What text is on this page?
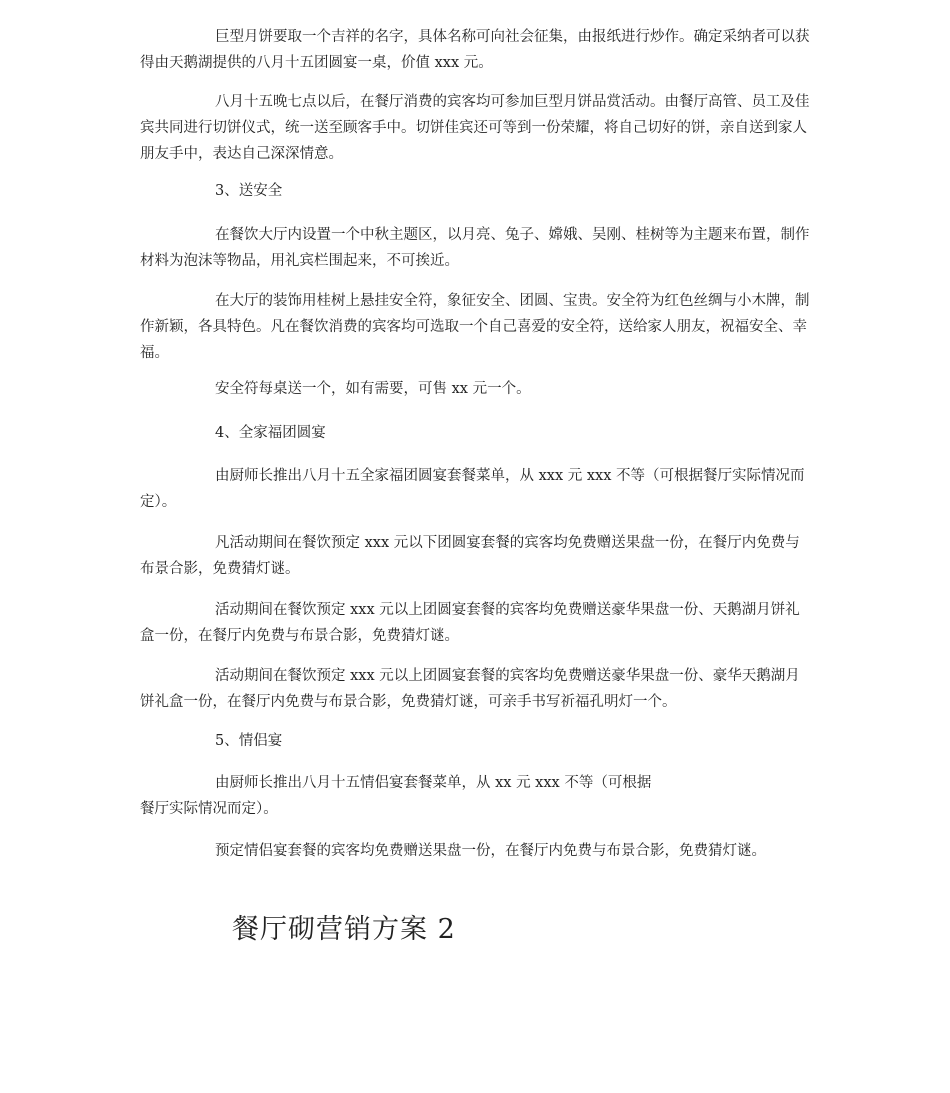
巨型月饼要取一个吉祥的名字，具体名称可向社会征集，由报纸进行炒作。确定采纳者可以获得由天鹅湖提供的八月十五团圆宴一桌，价值 xxx 元。

八月十五晚七点以后，在餐厅消费的宾客均可参加巨型月饼品赏活动。由餐厅高管、员工及佳宾共同进行切饼仪式，统一送至顾客手中。切饼佳宾还可等到一份荣耀，将自己切好的饼，亲自送到家人朋友手中，表达自己深深情意。

3、送安全

在餐饮大厅内设置一个中秋主题区，以月亮、兔子、嫦娥、吴刚、桂树等为主题来布置，制作材料为泡沫等物品，用礼宾栏围起来，不可挨近。

在大厅的装饰用桂树上悬挂安全符，象征安全、团圆、宝贵。安全符为红色丝绸与小木牌，制作新颖，各具特色。凡在餐饮消费的宾客均可选取一个自己喜爱的安全符，送给家人朋友，祝福安全、幸福。

安全符每桌送一个，如有需要，可售 xx 元一个。

4、全家福团圆宴

由厨师长推出八月十五全家福团圆宴套餐菜单，从 xxx 元 xxx 不等（可根据餐厅实际情况而定）。

凡活动期间在餐饮预定 xxx 元以下团圆宴套餐的宾客均免费赠送果盘一份，在餐厅内免费与布景合影，免费猜灯谜。

活动期间在餐饮预定 xxx 元以上团圆宴套餐的宾客均免费赠送豪华果盘一份、天鹅湖月饼礼盒一份，在餐厅内免费与布景合影，免费猜灯谜。

活动期间在餐饮预定 xxx 元以上团圆宴套餐的宾客均免费赠送豪华果盘一份、豪华天鹅湖月饼礼盒一份，在餐厅内免费与布景合影，免费猜灯谜，可亲手书写祈福孔明灯一个。

5、情侣宴

由厨师长推出八月十五情侣宴套餐菜单，从 xx 元 xxx 不等（可根据
餐厅实际情况而定）。

预定情侣宴套餐的宾客均免费赠送果盘一份，在餐厅内免费与布景合影，免费猜灯谜。

餐厅砌营销方案 2
